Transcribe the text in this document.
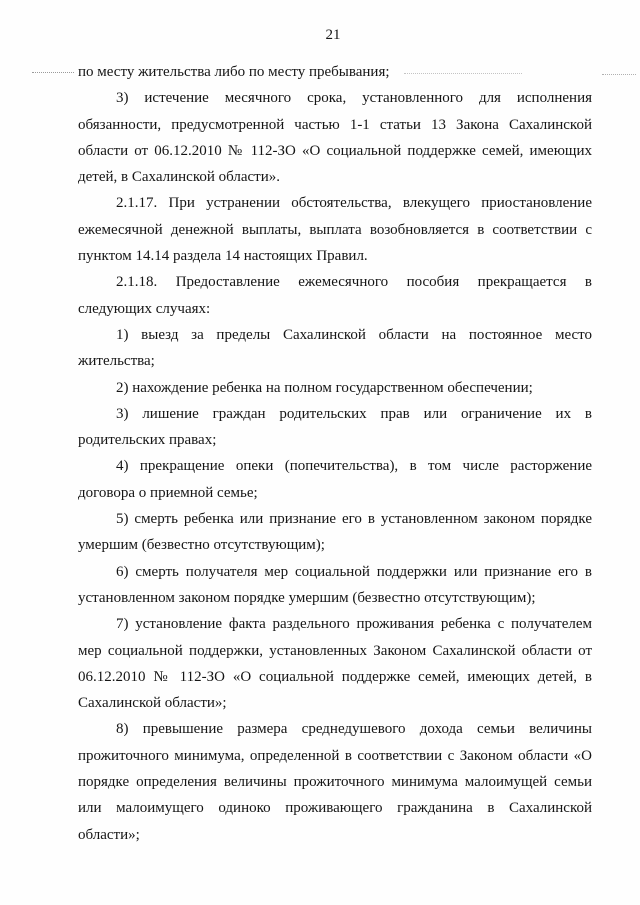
21
по месту жительства либо по месту пребывания;
3) истечение месячного срока, установленного для исполнения
обязанности, предусмотренной частью 1-1 статьи 13 Закона Сахалинской
области от 06.12.2010 № 112-ЗО «О социальной поддержке семей, имеющих
детей, в Сахалинской области».
2.1.17. При устранении обстоятельства, влекущего приостановление
ежемесячной денежной выплаты, выплата возобновляется в соответствии с
пунктом 14.14 раздела 14 настоящих Правил.
2.1.18. Предоставление ежемесячного пособия прекращается в
следующих случаях:
1) выезд за пределы Сахалинской области на постоянное место
жительства;
2) нахождение ребенка на полном государственном обеспечении;
3) лишение граждан родительских прав или ограничение их в
родительских правах;
4) прекращение опеки (попечительства), в том числе расторжение
договора о приемной семье;
5) смерть ребенка или признание его в установленном законом порядке
умершим (безвестно отсутствующим);
6) смерть получателя мер социальной поддержки или признание его в
установленном законом порядке умершим (безвестно отсутствующим);
7) установление факта раздельного проживания ребенка с получателем
мер социальной поддержки, установленных Законом Сахалинской области от
06.12.2010 № 112-ЗО «О социальной поддержке семей, имеющих детей, в
Сахалинской области»;
8) превышение размера среднедушевого дохода семьи величины
прожиточного минимума, определенной в соответствии с Законом области «О
порядке определения величины прожиточного минимума малоимущей семьи
или малоимущего одиноко проживающего гражданина в Сахалинской
области»;
